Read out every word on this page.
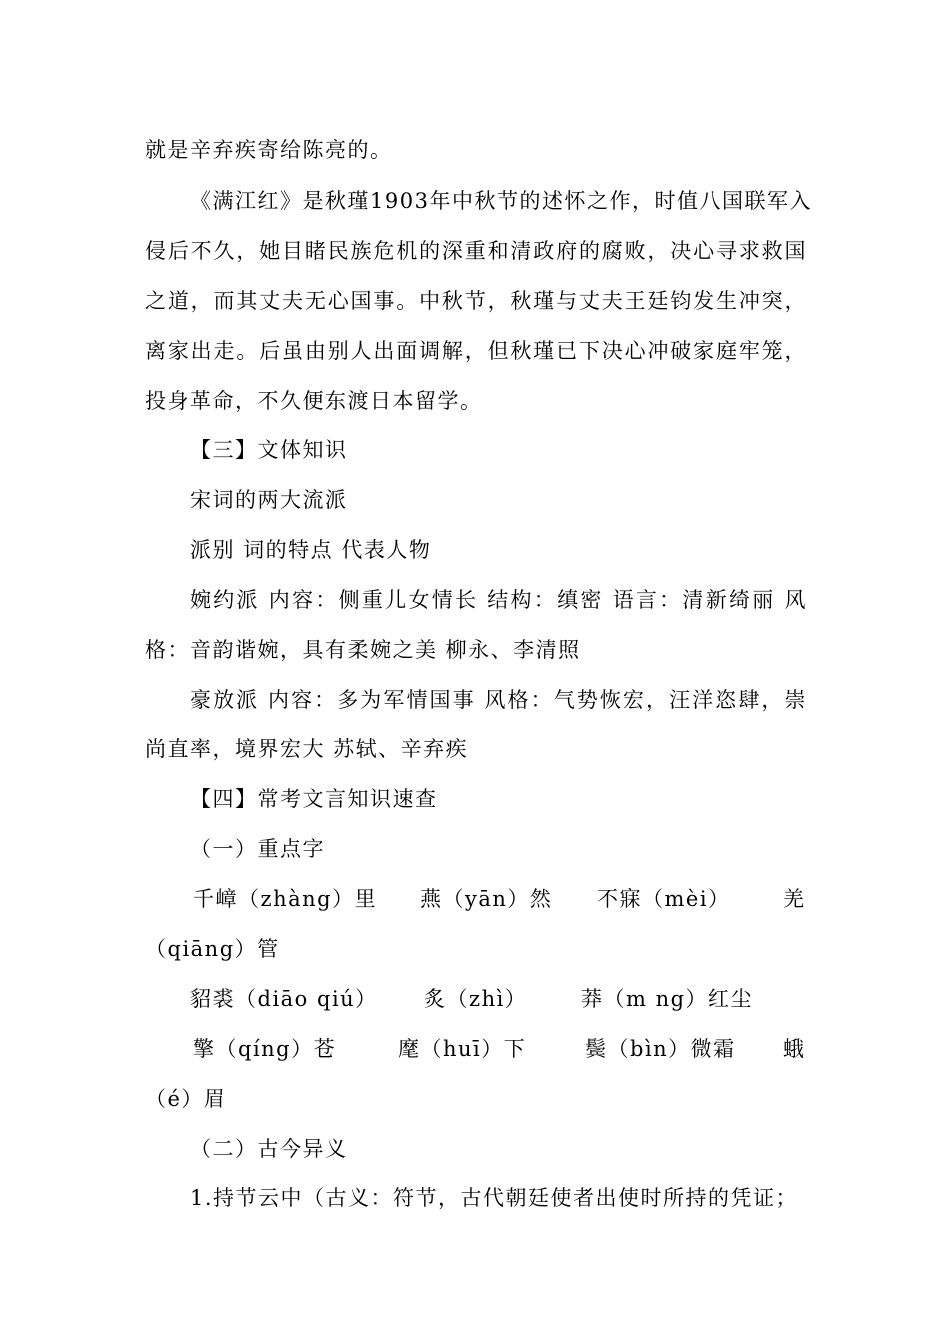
就是辛弃疾寄给陈亮的。
《满江红》是秋瑾1903年中秋节的述怀之作，时值八国联军入
侵后不久，她目睹民族危机的深重和清政府的腐败，决心寻求救国
之道，而其丈夫无心国事。中秋节，秋瑾与丈夫王廷钧发生冲突，
离家出走。后虽由别人出面调解，但秋瑾已下决心冲破家庭牢笼，
投身革命，不久便东渡日本留学。
【三】文体知识
宋词的两大流派
派别 词的特点 代表人物
婉约派 内容：侧重儿女情长 结构：缜密 语言：清新绮丽 风
格：音韵谐婉，具有柔婉之美 柳永、李清照
豪放派 内容：多为军情国事 风格：气势恢宏，汪洋恣肆，崇
尚直率，境界宏大 苏轼、辛弃疾
【四】常考文言知识速查
（一）重点字
千嶂（zhàng）里 燕（yān）然 不寐（mèi） 羌
（qiāng）管
貂裘（diāo qiú） 炙（zhì）	莽（m ng）红尘
擎（qíng）苍	麾（huī）下	鬓（bìn）微霜 蛾
（é）眉
（二）古今异义
1.持节云中（古义：符节，古代朝廷使者出使时所持的凭证；
